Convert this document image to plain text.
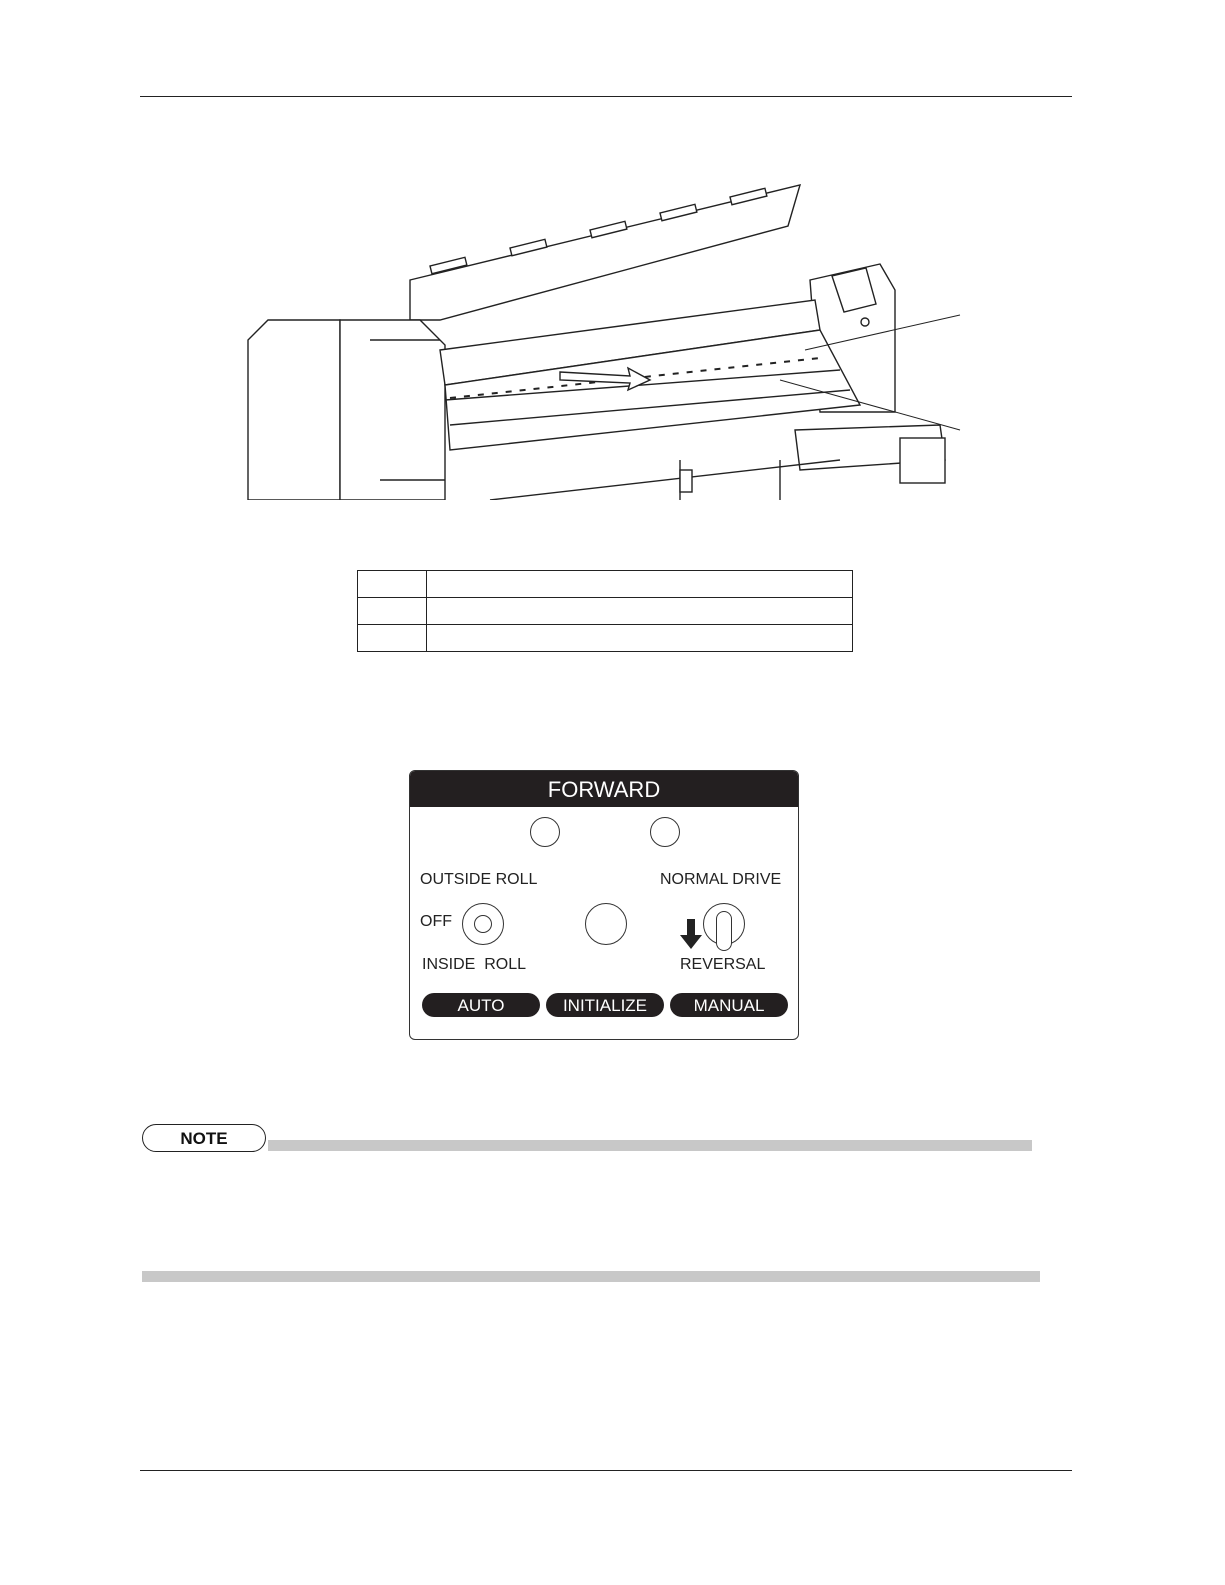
FORWARD
OUTSIDE ROLL	NORMAL DRIVE
OFF
INSIDE  ROLL	REVERSAL
AUTO	INITIALIZE	MANUAL
NOTE
